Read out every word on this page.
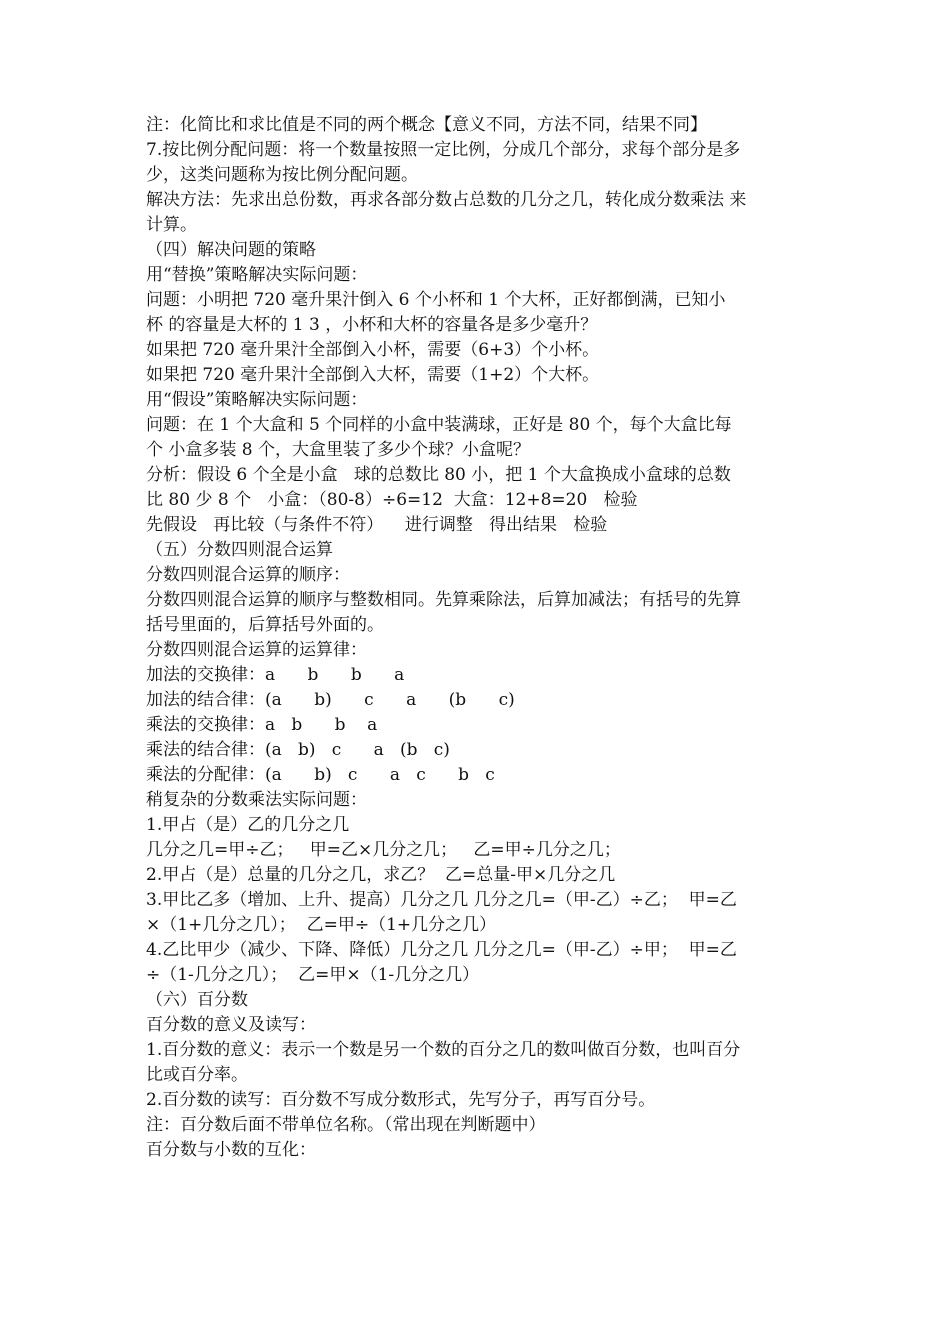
注：化简比和求比值是不同的两个概念【意义不同，方法不同，结果不同】

7.按比例分配问题：将一个数量按照一定比例，分成几个部分，求每个部分是多

少，这类问题称为按比例分配问题。

解决方法：先求出总份数，再求各部分数占总数的几分之几，转化成分数乘法 来

计算。

（四）解决问题的策略

用“替换”策略解决实际问题：

问题：小明把 720 毫升果汁倒入 6 个小杯和 1 个大杯，正好都倒满，已知小

杯 的容量是大杯的 1 3 ，小杯和大杯的容量各是多少毫升？

如果把 720 毫升果汁全部倒入小杯，需要（6+3）个小杯。

如果把 720 毫升果汁全部倒入大杯，需要（1+2）个大杯。

用“假设”策略解决实际问题：

问题：在 1 个大盒和 5 个同样的小盒中装满球，正好是 80 个，每个大盒比每

个 小盒多装 8 个，大盒里装了多少个球？小盒呢？

分析：假设 6 个全是小盒   球的总数比 80 小，把 1 个大盒换成小盒球的总数

比 80 少 8 个   小盒：（80-8）÷6=12  大盒：12+8=20   检验

先假设   再比较（与条件不符）    进行调整   得出结果   检验

（五）分数四则混合运算

分数四则混合运算的顺序：

分数四则混合运算的顺序与整数相同。先算乘除法，后算加减法；有括号的先算

括号里面的，后算括号外面的。

分数四则混合运算的运算律：

加法的交换律：a      b      b      a

加法的结合律：(a      b)      c      a      (b      c)

乘法的交换律：a   b      b    a

乘法的结合律：(a   b)   c      a   (b   c)

乘法的分配律：(a      b)   c      a   c      b   c

稍复杂的分数乘法实际问题：

1.甲占（是）乙的几分之几

几分之几=甲÷乙；   甲=乙×几分之几；   乙=甲÷几分之几；

2.甲占（是）总量的几分之几，求乙？  乙=总量-甲×几分之几

3.甲比乙多（增加、上升、提高）几分之几 几分之几=（甲-乙）÷乙；  甲=乙

×（1+几分之几）；  乙=甲÷（1+几分之几）

4.乙比甲少（减少、下降、降低）几分之几 几分之几=（甲-乙）÷甲；  甲=乙

÷（1-几分之几）；  乙=甲×（1-几分之几）

（六）百分数

百分数的意义及读写：

1.百分数的意义：表示一个数是另一个数的百分之几的数叫做百分数，也叫百分

比或百分率。

2.百分数的读写：百分数不写成分数形式，先写分子，再写百分号。

注：百分数后面不带单位名称。（常出现在判断题中）

百分数与小数的互化：
